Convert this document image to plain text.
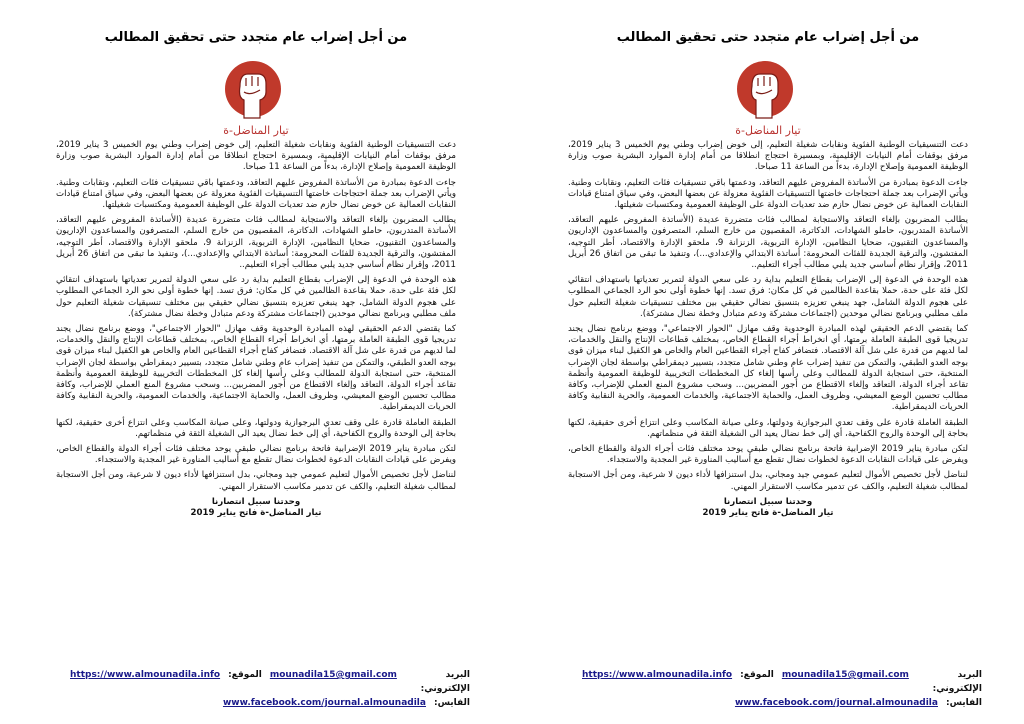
من أجل إضراب عام متجدد حتى تحقيق المطالب
تيار المناضل-ة

دعت التنسيقيات الوطنية الفئوية ونقابات شغيلة التعليم، إلى خوض إضراب وطني يوم الخميس 3 يناير 2019، مرفق بوقفات أمام النيابات الإقليمية، وبمسيرة احتجاج انطلاقا من أمام إدارة الموارد البشرية صوب وزارة الوظيفة العمومية وإصلاح الإدارة، بدءاً من الساعة 11 صباحا.

جاءت الدعوة بمبادرة من الأساتذة المفروض عليهم التعاقد، ودعمتها باقي تنسيقيات فئات التعليم، ونقابات وطنية. ويأتي الإضراب بعد جملة احتجاجات خاضتها التنسيقيات الفئوية معزولة عن بعضها البعض، وفي سياق امتناع قيادات النقابات العمالية عن خوض نضال حازم ضد تعديات الدولة على الوظيفة العمومية ومكتسبات شغيلتها.

يطالب المضربون بإلغاء التعاقد والاستجابة لمطالب فئات متضررة عديدة (الأساتذة المفروض عليهم التعاقد، الأساتذة المتدربون، حاملو الشهادات، الدكاترة، المقصيون من خارج السلم، المتصرفون والمساعدون الإداريون والمساعدون التقنيون، ضحايا النظامين، الإدارة التربوية، الزنزانة 9، ملحقو الإدارة والاقتصاد، أطر التوجيه، المفتشون، والترقية الجديدة للفئات المحرومة: أساتذة الابتدائي والإعدادي...)، وتنفيذ ما تبقى من اتفاق 26 أبريل 2011، وإقرار نظام أساسي جديد يلبي مطالب أجراء التعليم..

هذه الوحدة في الدعوة إلى الإضراب بقطاع التعليم بداية رد على سعي الدولة لتمرير تعدياتها باستهداف انتقائي لكل فئة على حدة، حملا بقاعدة الظالمين في كل مكان: فرق تسد. إنها خطوة أولى نحو الرد الجماعي المطلوب على هجوم الدولة الشامل، جهد ينبغي تعزيزه بتنسيق نضالي حقيقي بين مختلف تنسيقيات شغيلة التعليم حول ملف مطلبي وبرنامج نضالي موحدين (اجتماعات مشتركة ودعم متبادل وخطة نضال مشتركة).

كما يقتضي الدعم الحقيقي لهذه المبادرة الوحدوية وقف مهازل "الحوار الاجتماعي"، ووضع برنامج نضال يجند تدريجيا قوى الطبقة العاملة برمتها، أي انخراط أجراء القطاع الخاص، بمختلف قطاعات الإنتاج والنقل والخدمات، لما لديهم من قدرة على شل آلة الاقتصاد. فتضافر كفاح أجراء القطاعين العام والخاص هو الكفيل لبناء ميزان قوى بوجه العدو الطبقي، والتمكن من تنفيذ إضراب عام وطني شامل متجدد، بتسيير ديمقراطي بواسطة لجان الإضراب المنتخبة، حتى استجابة الدولة للمطالب وعلى رأسها إلغاء كل المخططات التخريبية للوظيفة العمومية وأنظمة تقاعد أجراء الدولة، التعاقد وإلغاء الاقتطاع من أجور المضربين... وسحب مشروع المنع العملي للإضراب، وكافة مطالب تحسين الوضع المعيشي، وظروف العمل، والحماية الاجتماعية، والخدمات العمومية، والحرية النقابية وكافة الحريات الديمقراطية.

الطبقة العاملة قادرة على وقف تعدي البرجوازية ودولتها، وعلى صيانة المكاسب وعلى انتزاع أخرى حقيقية، لكنها بحاجة إلى الوحدة والروح الكفاحية، أي إلى خط نضال يعيد الى الشغيلة الثقة في منظماتهم.

لتكن مبادرة يناير 2019 الإضرابية فاتحة برنامج نضالي طبقي يوحد مختلف فئات أجراء الدولة والقطاع الخاص، ويفرض على قيادات النقابات الدعوة لخطوات نضال تقطع مع أساليب المناورة غير المجدية والاستجداء.

لنناضل لأجل تخصيص الأموال لتعليم عمومي جيد ومجاني، بدل استنزافها لأداء ديون لا شرعية، ومن أجل الاستجابة لمطالب شغيلة التعليم، والكف عن تدمير مكاسب الاستقرار المهني.

وحدتنا سبيل انتصارنا
تيار المناضل-ة فاتح يناير 2019
البريد الإلكتروني:
mounadila15@gmail.com
الموقع:
https://www.almounadila.info
الفايس:
www.facebook.com/journal.almounadila
من أجل إضراب عام متجدد حتى تحقيق المطالب
تيار المناضل-ة

دعت التنسيقيات الوطنية الفئوية ونقابات شغيلة التعليم، إلى خوض إضراب وطني يوم الخميس 3 يناير 2019، مرفق بوقفات أمام النيابات الإقليمية، وبمسيرة احتجاج انطلاقا من أمام إدارة الموارد البشرية صوب وزارة الوظيفة العمومية وإصلاح الإدارة، بدءاً من الساعة 11 صباحا.

جاءت الدعوة بمبادرة من الأساتذة المفروض عليهم التعاقد، ودعمتها باقي تنسيقيات فئات التعليم، ونقابات وطنية. ويأتي الإضراب بعد جملة احتجاجات خاضتها التنسيقيات الفئوية معزولة عن بعضها البعض، وفي سياق امتناع قيادات النقابات العمالية عن خوض نضال حازم ضد تعديات الدولة على الوظيفة العمومية ومكتسبات شغيلتها.

يطالب المضربون بإلغاء التعاقد والاستجابة لمطالب فئات متضررة عديدة (الأساتذة المفروض عليهم التعاقد، الأساتذة المتدربون، حاملو الشهادات، الدكاترة، المقصيون من خارج السلم، المتصرفون والمساعدون الإداريون والمساعدون التقنيون، ضحايا النظامين، الإدارة التربوية، الزنزانة 9، ملحقو الإدارة والاقتصاد، أطر التوجيه، المفتشون، والترقية الجديدة للفئات المحرومة: أساتذة الابتدائي والإعدادي...)، وتنفيذ ما تبقى من اتفاق 26 أبريل 2011، وإقرار نظام أساسي جديد يلبي مطالب أجراء التعليم..

هذه الوحدة في الدعوة إلى الإضراب بقطاع التعليم بداية رد على سعي الدولة لتمرير تعدياتها باستهداف انتقائي لكل فئة على حدة، حملا بقاعدة الظالمين في كل مكان: فرق تسد. إنها خطوة أولى نحو الرد الجماعي المطلوب على هجوم الدولة الشامل، جهد ينبغي تعزيزه بتنسيق نضالي حقيقي بين مختلف تنسيقيات شغيلة التعليم حول ملف مطلبي وبرنامج نضالي موحدين (اجتماعات مشتركة ودعم متبادل وخطة نضال مشتركة).

كما يقتضي الدعم الحقيقي لهذه المبادرة الوحدوية وقف مهازل "الحوار الاجتماعي"، ووضع برنامج نضال يجند تدريجيا قوى الطبقة العاملة برمتها، أي انخراط أجراء القطاع الخاص، بمختلف قطاعات الإنتاج والنقل والخدمات، لما لديهم من قدرة على شل آلة الاقتصاد. فتضافر كفاح أجراء القطاعين العام والخاص هو الكفيل لبناء ميزان قوى بوجه العدو الطبقي، والتمكن من تنفيذ إضراب عام وطني شامل متجدد، بتسيير ديمقراطي بواسطة لجان الإضراب المنتخبة، حتى استجابة الدولة للمطالب وعلى رأسها إلغاء كل المخططات التخريبية للوظيفة العمومية وأنظمة تقاعد أجراء الدولة، التعاقد وإلغاء الاقتطاع من أجور المضربين... وسحب مشروع المنع العملي للإضراب، وكافة مطالب تحسين الوضع المعيشي، وظروف العمل، والحماية الاجتماعية، والخدمات العمومية، والحرية النقابية وكافة الحريات الديمقراطية.

الطبقة العاملة قادرة على وقف تعدي البرجوازية ودولتها، وعلى صيانة المكاسب وعلى انتزاع أخرى حقيقية، لكنها بحاجة إلى الوحدة والروح الكفاحية، أي إلى خط نضال يعيد الى الشغيلة الثقة في منظماتهم.

لتكن مبادرة يناير 2019 الإضرابية فاتحة برنامج نضالي طبقي يوحد مختلف فئات أجراء الدولة والقطاع الخاص، ويفرض على قيادات النقابات الدعوة لخطوات نضال تقطع مع أساليب المناورة غير المجدية والاستجداء.

لنناضل لأجل تخصيص الأموال لتعليم عمومي جيد ومجاني، بدل استنزافها لأداء ديون لا شرعية، ومن أجل الاستجابة لمطالب شغيلة التعليم، والكف عن تدمير مكاسب الاستقرار المهني.

وحدتنا سبيل انتصارنا
تيار المناضل-ة فاتح يناير 2019
البريد الإلكتروني:
mounadila15@gmail.com
الموقع:
https://www.almounadila.info
الفايس:
www.facebook.com/journal.almounadila
